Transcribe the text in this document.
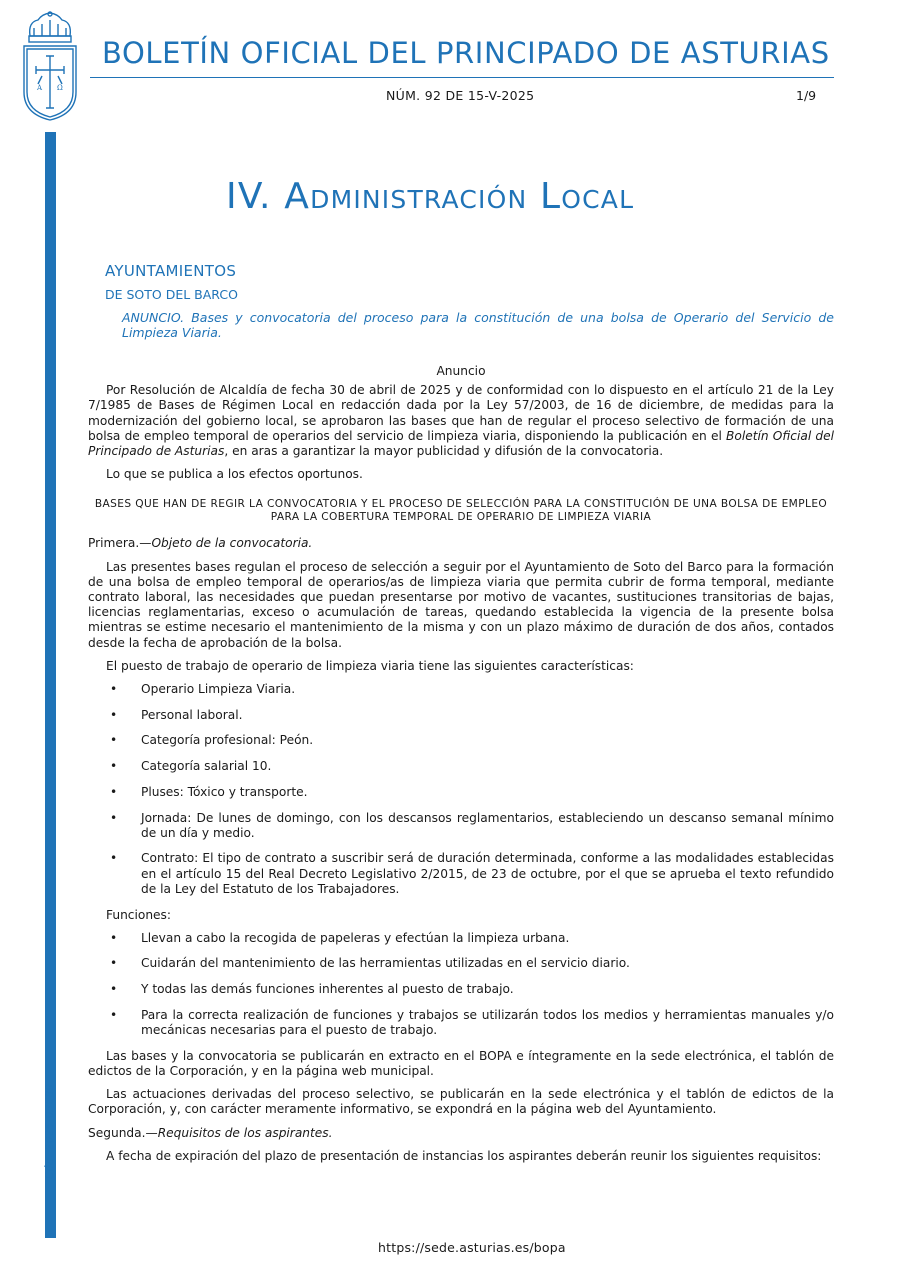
A Ω
BOLETÍN OFICIAL DEL PRINCIPADO DE ASTURIAS
NÚM. 92 DE 15-V-2025	1/9
Cód. 2025-03689
IV. Administración Local
AYUNTAMIENTOS
DE SOTO DEL BARCO
ANUNCIO. Bases y convocatoria del proceso para la constitución de una bolsa de Operario del Servicio de Limpieza Viaria.

Anuncio

Por Resolución de Alcaldía de fecha 30 de abril de 2025 y de conformidad con lo dispuesto en el artículo 21 de la Ley 7/1985 de Bases de Régimen Local en redacción dada por la Ley 57/2003, de 16 de diciembre, de medidas para la modernización del gobierno local, se aprobaron las bases que han de regular el proceso selectivo de formación de una bolsa de empleo temporal de operarios del servicio de limpieza viaria, disponiendo la publicación en el Boletín Oficial del Principado de Asturias, en aras a garantizar la mayor publicidad y difusión de la convocatoria.

Lo que se publica a los efectos oportunos.

BASES QUE HAN DE REGIR LA CONVOCATORIA Y EL PROCESO DE SELECCIÓN PARA LA CONSTITUCIÓN DE UNA BOLSA DE EMPLEO PARA LA COBERTURA TEMPORAL DE OPERARIO DE LIMPIEZA VIARIA

Primera.—Objeto de la convocatoria.

Las presentes bases regulan el proceso de selección a seguir por el Ayuntamiento de Soto del Barco para la formación de una bolsa de empleo temporal de operarios/as de limpieza viaria que permita cubrir de forma temporal, mediante contrato laboral, las necesidades que puedan presentarse por motivo de vacantes, sustituciones transitorias de bajas, licencias reglamentarias, exceso o acumulación de tareas, quedando establecida la vigencia de la presente bolsa mientras se estime necesario el mantenimiento de la misma y con un plazo máximo de duración de dos años, contados desde la fecha de aprobación de la bolsa.

El puesto de trabajo de operario de limpieza viaria tiene las siguientes características:

• Operario Limpieza Viaria.
• Personal laboral.
• Categoría profesional: Peón.
• Categoría salarial 10.
• Pluses: Tóxico y transporte.
• Jornada: De lunes de domingo, con los descansos reglamentarios, estableciendo un descanso semanal mínimo de un día y medio.
• Contrato: El tipo de contrato a suscribir será de duración determinada, conforme a las modalidades establecidas en el artículo 15 del Real Decreto Legislativo 2/2015, de 23 de octubre, por el que se aprueba el texto refundido de la Ley del Estatuto de los Trabajadores.

Funciones:

• Llevan a cabo la recogida de papeleras y efectúan la limpieza urbana.
• Cuidarán del mantenimiento de las herramientas utilizadas en el servicio diario.
• Y todas las demás funciones inherentes al puesto de trabajo.
• Para la correcta realización de funciones y trabajos se utilizarán todos los medios y herramientas manuales y/o mecánicas necesarias para el puesto de trabajo.

Las bases y la convocatoria se publicarán en extracto en el BOPA e íntegramente en la sede electrónica, el tablón de edictos de la Corporación, y en la página web municipal.

Las actuaciones derivadas del proceso selectivo, se publicarán en la sede electrónica y el tablón de edictos de la Corporación, y, con carácter meramente informativo, se expondrá en la página web del Ayuntamiento.

Segunda.—Requisitos de los aspirantes.

A fecha de expiración del plazo de presentación de instancias los aspirantes deberán reunir los siguientes requisitos:

https://sede.asturias.es/bopa
